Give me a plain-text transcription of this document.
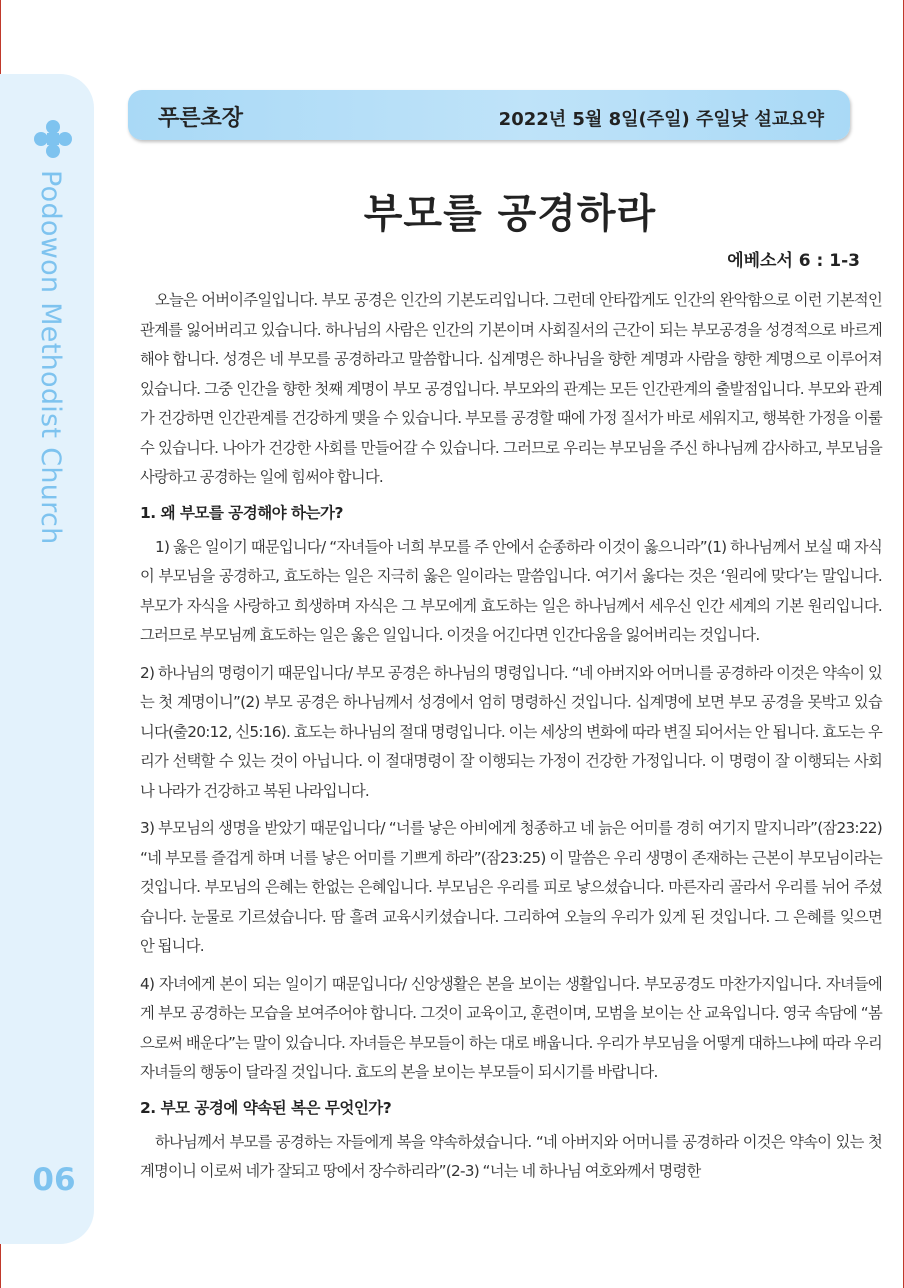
Podowon Methodist Church
06
푸른초장	2022년 5월 8일(주일) 주일낮 설교요약
부모를 공경하라
에베소서 6 : 1-3

오늘은 어버이주일입니다. 부모 공경은 인간의 기본도리입니다. 그런데 안타깝게도 인간의 완악함으로 이런 기본적인 관계를 잃어버리고 있습니다. 하나님의 사람은 인간의 기본이며 사회질서의 근간이 되는 부모공경을 성경적으로 바르게 해야 합니다. 성경은 네 부모를 공경하라고 말씀합니다. 십계명은 하나님을 향한 계명과 사람을 향한 계명으로 이루어져 있습니다. 그중 인간을 향한 첫째 계명이 부모 공경입니다. 부모와의 관계는 모든 인간관계의 출발점입니다. 부모와 관계가 건강하면 인간관계를 건강하게 맺을 수 있습니다. 부모를 공경할 때에 가정 질서가 바로 세워지고, 행복한 가정을 이룰 수 있습니다. 나아가 건강한 사회를 만들어갈 수 있습니다. 그러므로 우리는 부모님을 주신 하나님께 감사하고, 부모님을 사랑하고 공경하는 일에 힘써야 합니다.

1. 왜 부모를 공경해야 하는가?

1) 옳은 일이기 때문입니다/ “자녀들아 너희 부모를 주 안에서 순종하라 이것이 옳으니라”(1) 하나님께서 보실 때 자식이 부모님을 공경하고, 효도하는 일은 지극히 옳은 일이라는 말씀입니다. 여기서 옳다는 것은 ‘원리에 맞다’는 말입니다. 부모가 자식을 사랑하고 희생하며 자식은 그 부모에게 효도하는 일은 하나님께서 세우신 인간 세계의 기본 원리입니다. 그러므로 부모님께 효도하는 일은 옳은 일입니다. 이것을 어긴다면 인간다움을 잃어버리는 것입니다.

2) 하나님의 명령이기 때문입니다/ 부모 공경은 하나님의 명령입니다. “네 아버지와 어머니를 공경하라 이것은 약속이 있는 첫 계명이니”(2) 부모 공경은 하나님께서 성경에서 엄히 명령하신 것입니다. 십계명에 보면 부모 공경을 못박고 있습니다(출20:12, 신5:16). 효도는 하나님의 절대 명령입니다. 이는 세상의 변화에 따라 변질 되어서는 안 됩니다. 효도는 우리가 선택할 수 있는 것이 아닙니다. 이 절대명령이 잘 이행되는 가정이 건강한 가정입니다. 이 명령이 잘 이행되는 사회나 나라가 건강하고 복된 나라입니다.

3) 부모님의 생명을 받았기 때문입니다/ “너를 낳은 아비에게 청종하고 네 늙은 어미를 경히 여기지 말지니라”(잠23:22) “네 부모를 즐겁게 하며 너를 낳은 어미를 기쁘게 하라”(잠23:25) 이 말씀은 우리 생명이 존재하는 근본이 부모님이라는 것입니다. 부모님의 은혜는 한없는 은혜입니다. 부모님은 우리를 피로 낳으셨습니다. 마른자리 골라서 우리를 뉘어 주셨습니다. 눈물로 기르셨습니다. 땀 흘려 교육시키셨습니다. 그리하여 오늘의 우리가 있게 된 것입니다. 그 은혜를 잊으면 안 됩니다.

4) 자녀에게 본이 되는 일이기 때문입니다/ 신앙생활은 본을 보이는 생활입니다. 부모공경도 마찬가지입니다. 자녀들에게 부모 공경하는 모습을 보여주어야 합니다. 그것이 교육이고, 훈련이며, 모범을 보이는 산 교육입니다. 영국 속담에 “봄으로써 배운다”는 말이 있습니다. 자녀들은 부모들이 하는 대로 배웁니다. 우리가 부모님을 어떻게 대하느냐에 따라 우리 자녀들의 행동이 달라질 것입니다. 효도의 본을 보이는 부모들이 되시기를 바랍니다.

2. 부모 공경에 약속된 복은 무엇인가?

하나님께서 부모를 공경하는 자들에게 복을 약속하셨습니다. “네 아버지와 어머니를 공경하라 이것은 약속이 있는 첫 계명이니 이로써 네가 잘되고 땅에서 장수하리라”(2-3) “너는 네 하나님 여호와께서 명령한
